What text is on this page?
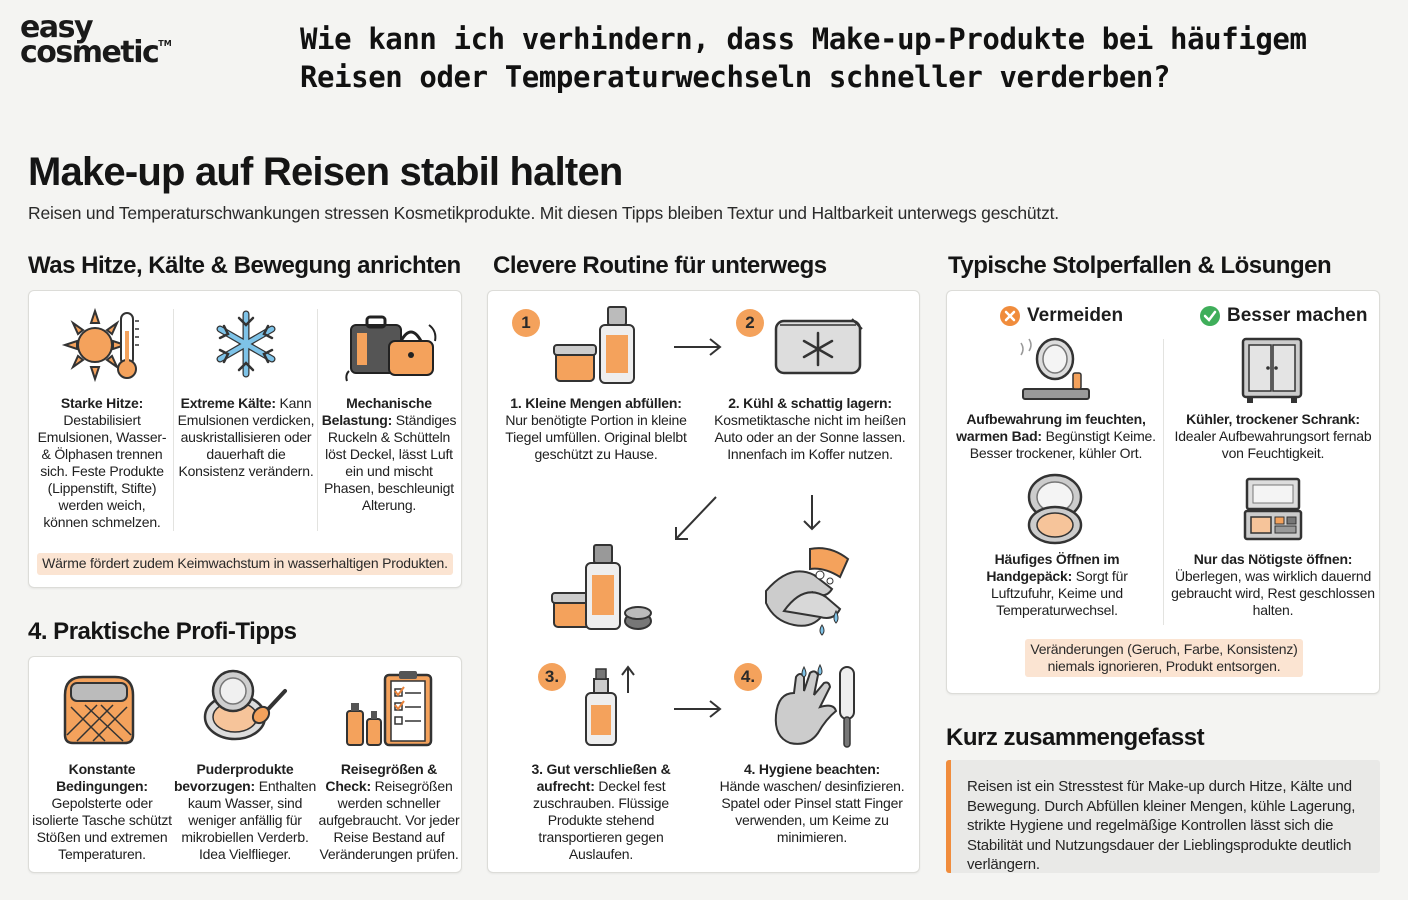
easy
cosmetic™	Wie kann ich verhindern, dass Make-up-Produkte bei häufigem Reisen oder Temperaturwechseln schneller verderben?
Make-up auf Reisen stabil halten
Reisen und Temperaturschwankungen stressen Kosmetikprodukte. Mit diesen Tipps bleiben Textur und Haltbarkeit unterwegs geschützt.
Was Hitze, Kälte & Bewegung anrichten
Starke Hitze: Destabilisiert Emulsionen, Wasser- & Ölphasen trennen sich. Feste Produkte (Lippenstift, Stifte) werden weich, können schmelzen.
Extreme Kälte: Kann Emulsionen verdicken, auskristallisieren oder dauerhaft die Konsistenz verändern.
Mechanische Belastung: Ständiges Ruckeln & Schütteln löst Deckel, lässt Luft ein und mischt Phasen, beschleunigt Alterung.
Wärme fördert zudem Keimwachstum in wasserhaltigen Produkten.
4. Praktische Profi-Tipps
Konstante Bedingungen: Gepolsterte oder isolierte Tasche schützt Stößen und extremen Temperaturen.
Puderprodukte bevorzugen: Enthalten kaum Wasser, sind weniger anfällig für mikrobiellen Verderb. Idea Vielflieger.
Reisegrößen & Check: Reisegrößen werden schneller aufgebraucht. Vor jeder Reise Bestand auf Veränderungen prüfen.
Clevere Routine für unterwegs
1
1. Kleine Mengen abfüllen:
Nur benötigte Portion in kleine Tiegel umfüllen. Original blelbt geschützt zu Hause.
2
2. Kühl & schattig lagern:
Kosmetiktasche nicht im heißen Auto oder an der Sonne lassen. Innenfach im Koffer nutzen.
3.
3. Gut verschließen & aufrecht: Deckel fest zuschrauben. Flüssige Produkte stehend transportieren gegen Auslaufen.
4.
4. Hygiene beachten:
Hände waschen/ desinfizieren. Spatel oder Pinsel statt Finger verwenden, um Keime zu minimieren.
Typische Stolperfallen & Lösungen
Vermeiden	Besser machen
Aufbewahrung im feuchten, warmen Bad: Begünstigt Keime. Besser trockener, kühler Ort.
Kühler, trockener Schrank:
Idealer Aufbewahrungsort fernab von Feuchtigkeit.
Häufiges Öffnen im Handgepäck: Sorgt für Luftzufuhr, Keime und Temperaturwechsel.
Nur das Nötigste öffnen: Überlegen, was wirklich dauernd gebraucht wird, Rest geschlossen halten.
Veränderungen (Geruch, Farbe, Konsistenz) niemals ignorieren, Produkt entsorgen.
Kurz zusammengefasst
Reisen ist ein Stresstest für Make-up durch Hitze, Kälte und Bewegung. Durch Abfüllen kleiner Mengen, kühle Lagerung, strikte Hygiene und regelmäßige Kontrollen lässt sich die Stabilität und Nutzungsdauer der Lieblingsprodukte deutlich verlängern.
